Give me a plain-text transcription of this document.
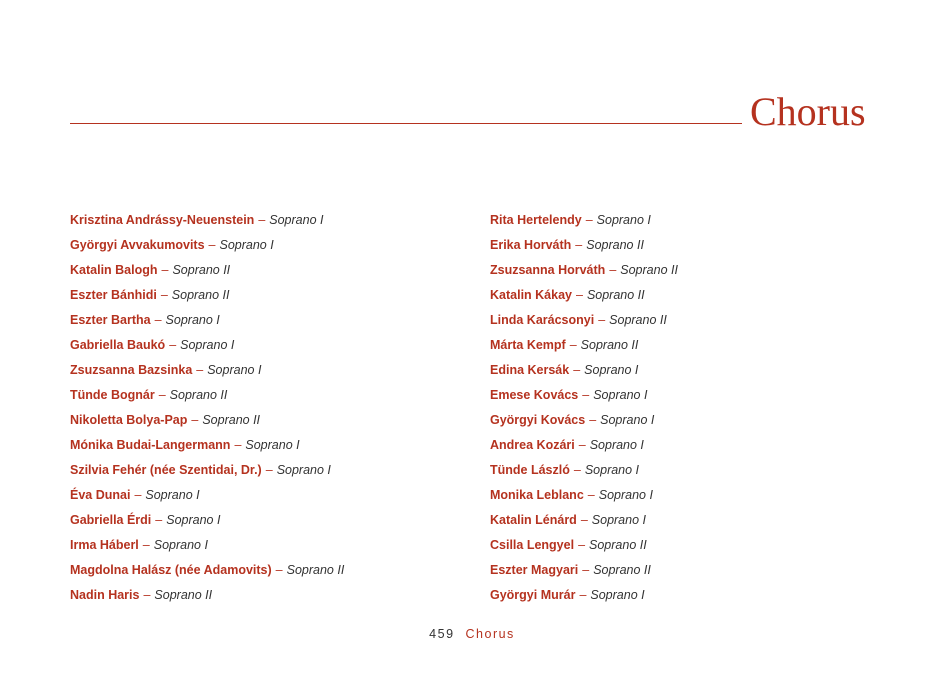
Chorus
Krisztina Andrássy-Neuenstein – Soprano I
Györgyi Avvakumovits – Soprano I
Katalin Balogh – Soprano II
Eszter Bánhidi – Soprano II
Eszter Bartha – Soprano I
Gabriella Baukó – Soprano I
Zsuzsanna Bazsinka – Soprano I
Tünde Bognár – Soprano II
Nikoletta Bolya-Pap – Soprano II
Mónika Budai-Langermann – Soprano I
Szilvia Fehér (née Szentidai, Dr.) – Soprano I
Éva Dunai – Soprano I
Gabriella Érdi – Soprano I
Irma Háberl – Soprano I
Magdolna Halász (née Adamovits) – Soprano II
Nadin Haris – Soprano II
Rita Hertelendy – Soprano I
Erika Horváth – Soprano II
Zsuzsanna Horváth – Soprano II
Katalin Kákay – Soprano II
Linda Karácsonyi – Soprano II
Márta Kempf – Soprano II
Edina Kersák – Soprano I
Emese Kovács – Soprano I
Györgyi Kovács – Soprano I
Andrea Kozári – Soprano I
Tünde László – Soprano I
Monika Leblanc – Soprano I
Katalin Lénárd – Soprano I
Csilla Lengyel – Soprano II
Eszter Magyari – Soprano II
Györgyi Murár – Soprano I
459 Chorus
